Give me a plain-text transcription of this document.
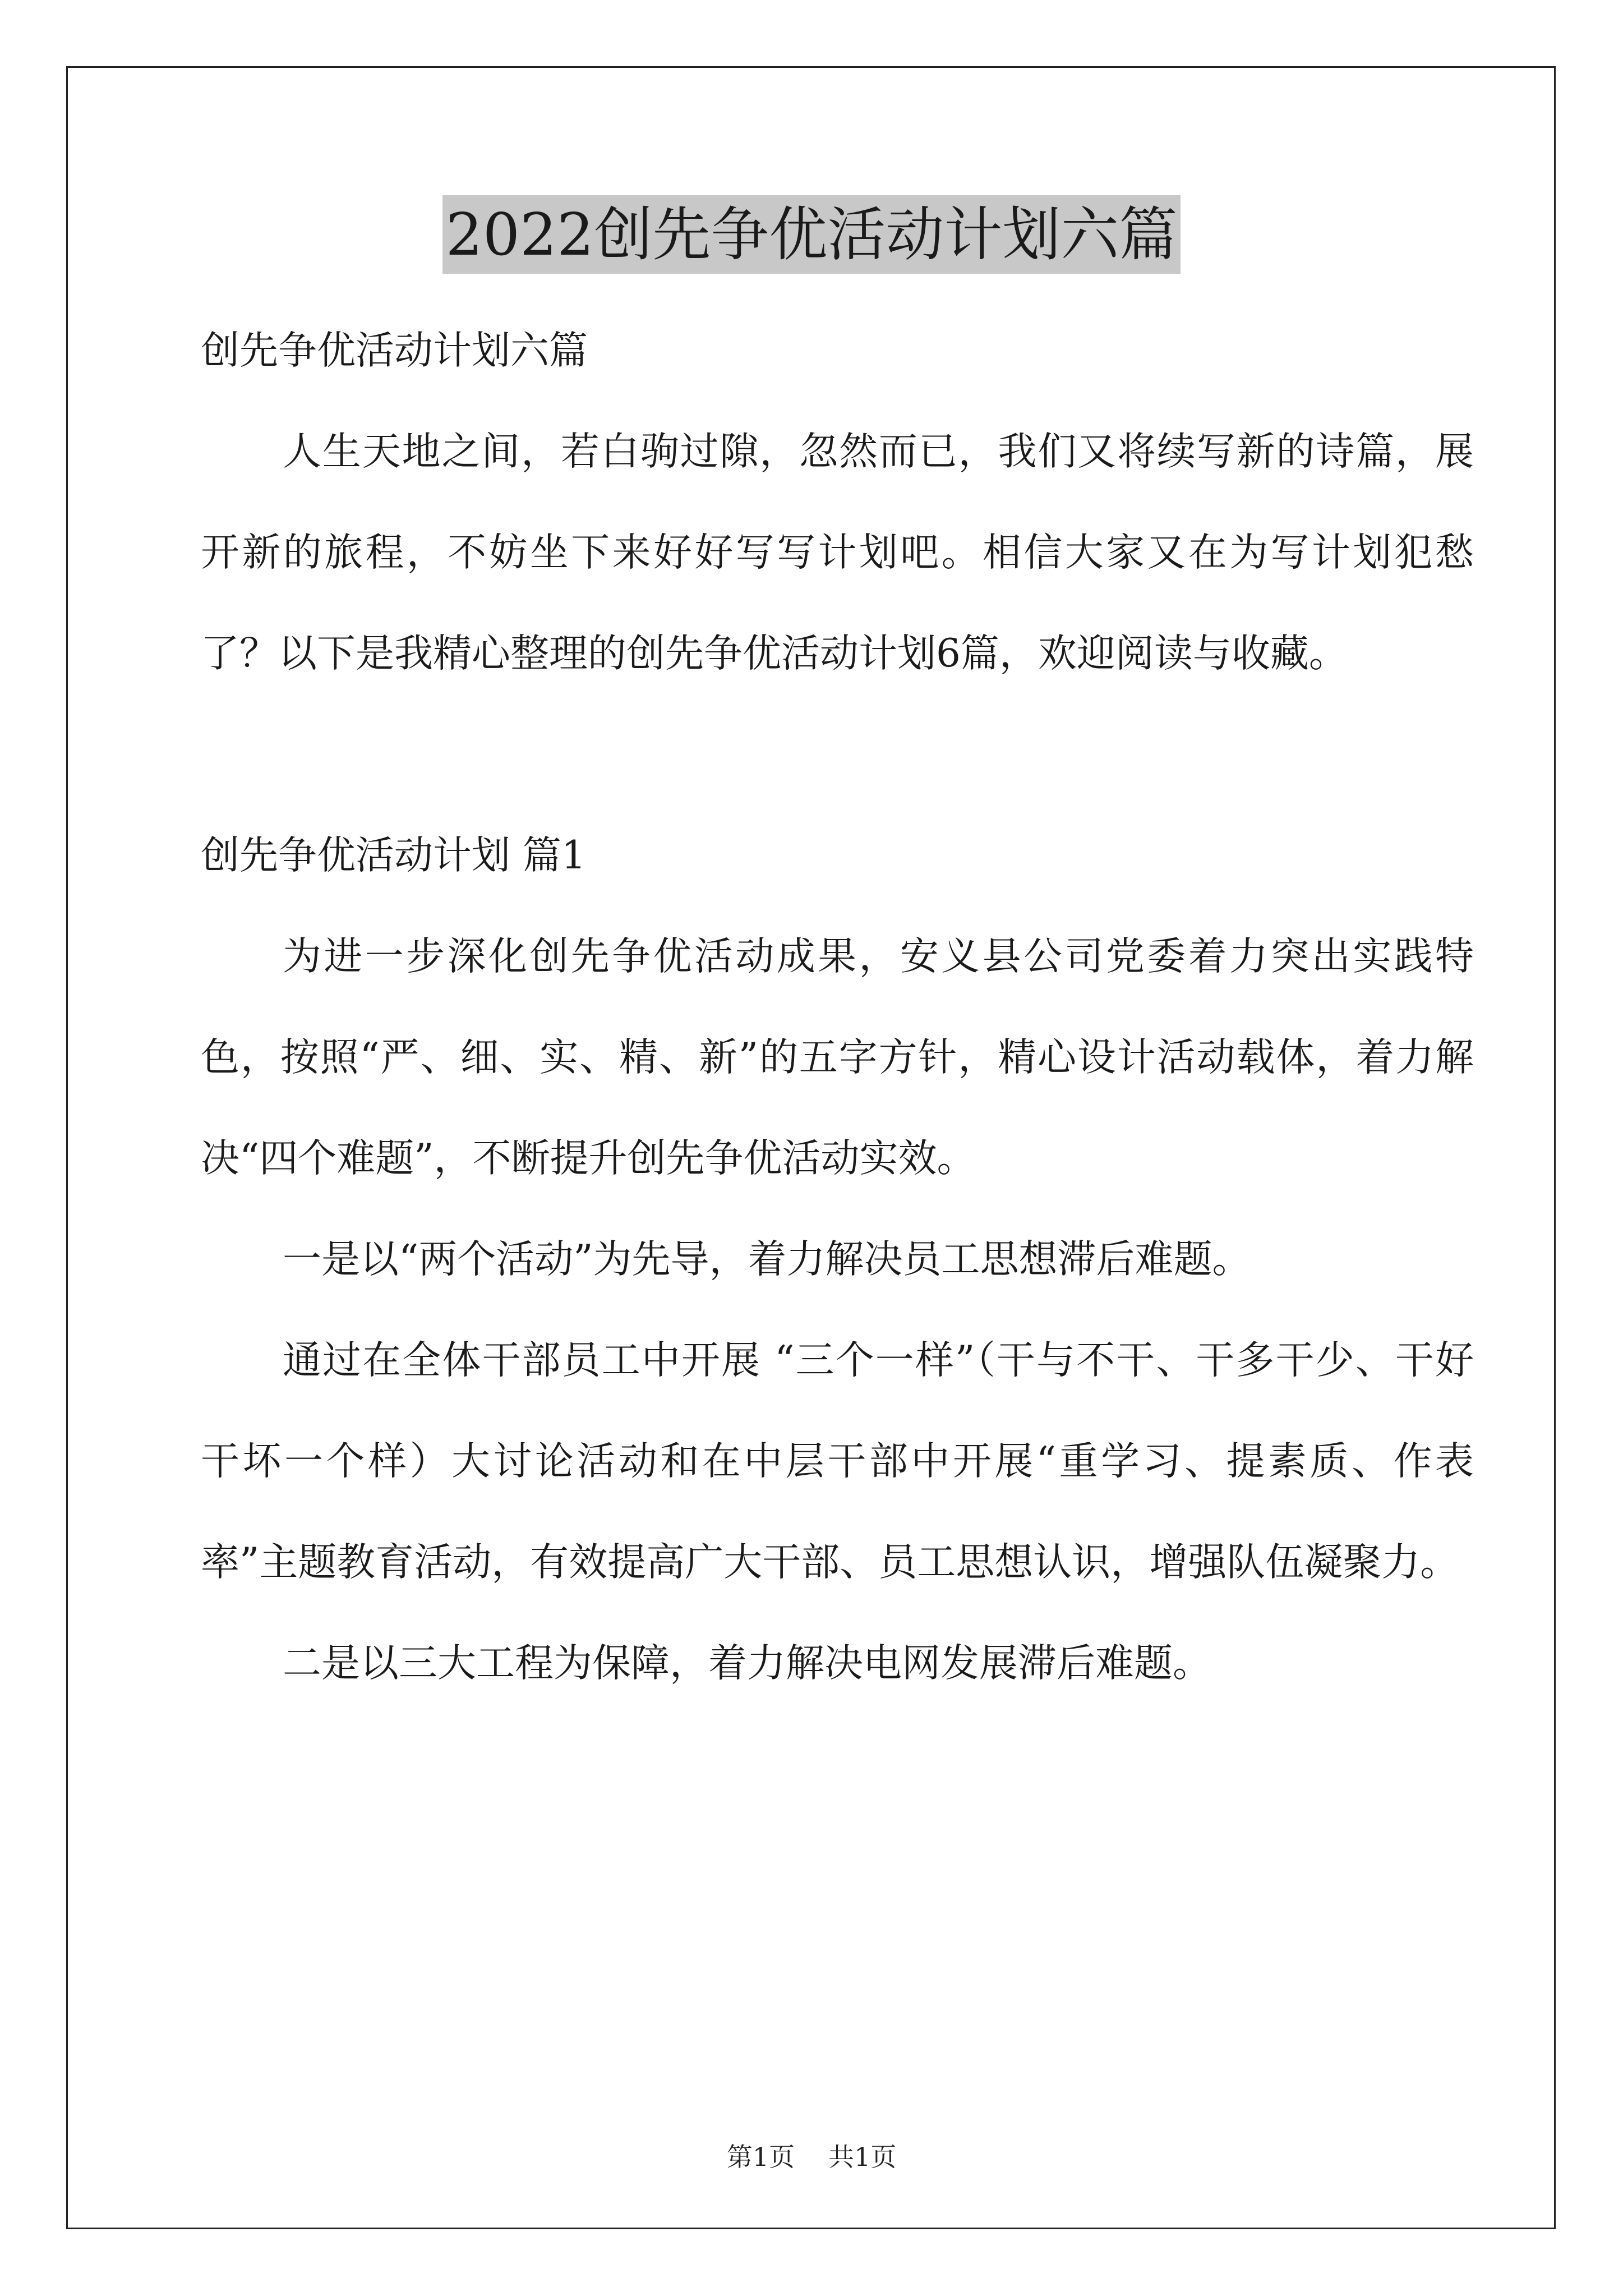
2022创先争优活动计划六篇

创先争优活动计划六篇

人生天地之间，若白驹过隙，忽然而已，我们又将续写新的诗篇，展开新的旅程，不妨坐下来好好写写计划吧。相信大家又在为写计划犯愁了？以下是我精心整理的创先争优活动计划6篇，欢迎阅读与收藏。

创先争优活动计划 篇1

为进一步深化创先争优活动成果，安义县公司党委着力突出实践特色，按照“严、细、实、精、新”的五字方针，精心设计活动载体，着力解决“四个难题”，不断提升创先争优活动实效。

一是以“两个活动”为先导，着力解决员工思想滞后难题。

通过在全体干部员工中开展 “三个一样”（干与不干、干多干少、干好干坏一个样）大讨论活动和在中层干部中开展“重学习、提素质、作表率”主题教育活动，有效提高广大干部、员工思想认识，增强队伍凝聚力。

二是以三大工程为保障，着力解决电网发展滞后难题。

第1页 共1页
